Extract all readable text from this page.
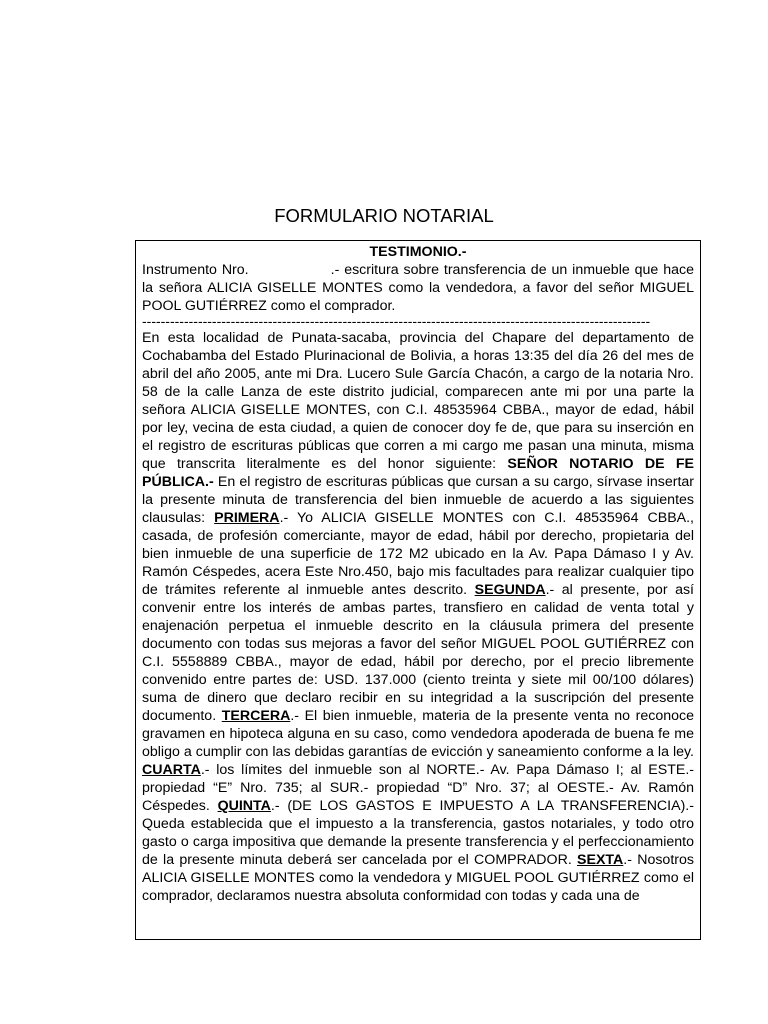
FORMULARIO NOTARIAL

TESTIMONIO.-

Instrumento Nro.	.- escritura sobre transferencia de un inmueble que hace la señora ALICIA GISELLE MONTES como la vendedora, a favor del señor MIGUEL POOL GUTIÉRREZ como el comprador.

-------------------------------------------------------------------------------------------------------------

En esta localidad de Punata-sacaba, provincia del Chapare del departamento de Cochabamba del Estado Plurinacional de Bolivia, a horas 13:35 del día 26 del mes de abril del año 2005, ante mi Dra. Lucero Sule García Chacón, a cargo de la notaria Nro. 58 de la calle Lanza de este distrito judicial, comparecen ante mi por una parte la señora ALICIA GISELLE MONTES, con C.I. 48535964 CBBA., mayor de edad, hábil por ley, vecina de esta ciudad, a quien de conocer doy fe de, que para su inserción en el registro de escrituras públicas que corren a mi cargo me pasan una minuta, misma que transcrita literalmente es del honor siguiente: SEÑOR NOTARIO DE FE PÚBLICA.- En el registro de escrituras públicas que cursan a su cargo, sírvase insertar la presente minuta de transferencia del bien inmueble de acuerdo a las siguientes clausulas: PRIMERA.- Yo ALICIA GISELLE MONTES con C.I. 48535964 CBBA., casada, de profesión comerciante, mayor de edad, hábil por derecho, propietaria del bien inmueble de una superficie de 172 M2 ubicado en la Av. Papa Dámaso I y Av. Ramón Céspedes, acera Este Nro.450, bajo mis facultades para realizar cualquier tipo de trámites referente al inmueble antes descrito. SEGUNDA.- al presente, por así convenir entre los interés de ambas partes, transfiero en calidad de venta total y enajenación perpetua el inmueble descrito en la cláusula primera del presente documento con todas sus mejoras a favor del señor MIGUEL POOL GUTIÉRREZ con C.I. 5558889 CBBA., mayor de edad, hábil por derecho, por el precio libremente convenido entre partes de: USD. 137.000 (ciento treinta y siete mil 00/100 dólares) suma de dinero que declaro recibir en su integridad a la suscripción del presente documento. TERCERA.- El bien inmueble, materia de la presente venta no reconoce gravamen en hipoteca alguna en su caso, como vendedora apoderada de buena fe me obligo a cumplir con las debidas garantías de evicción y saneamiento conforme a la ley. CUARTA.- los límites del inmueble son al NORTE.- Av. Papa Dámaso I; al ESTE.- propiedad “E” Nro. 735; al SUR.- propiedad “D” Nro. 37; al OESTE.- Av. Ramón Céspedes. QUINTA.- (DE LOS GASTOS E IMPUESTO A LA TRANSFERENCIA).- Queda establecida que el impuesto a la transferencia, gastos notariales, y todo otro gasto o carga impositiva que demande la presente transferencia y el perfeccionamiento de la presente minuta deberá ser cancelada por el COMPRADOR. SEXTA.- Nosotros ALICIA GISELLE MONTES como la vendedora y MIGUEL POOL GUTIÉRREZ como el comprador, declaramos nuestra absoluta conformidad con todas y cada una de
